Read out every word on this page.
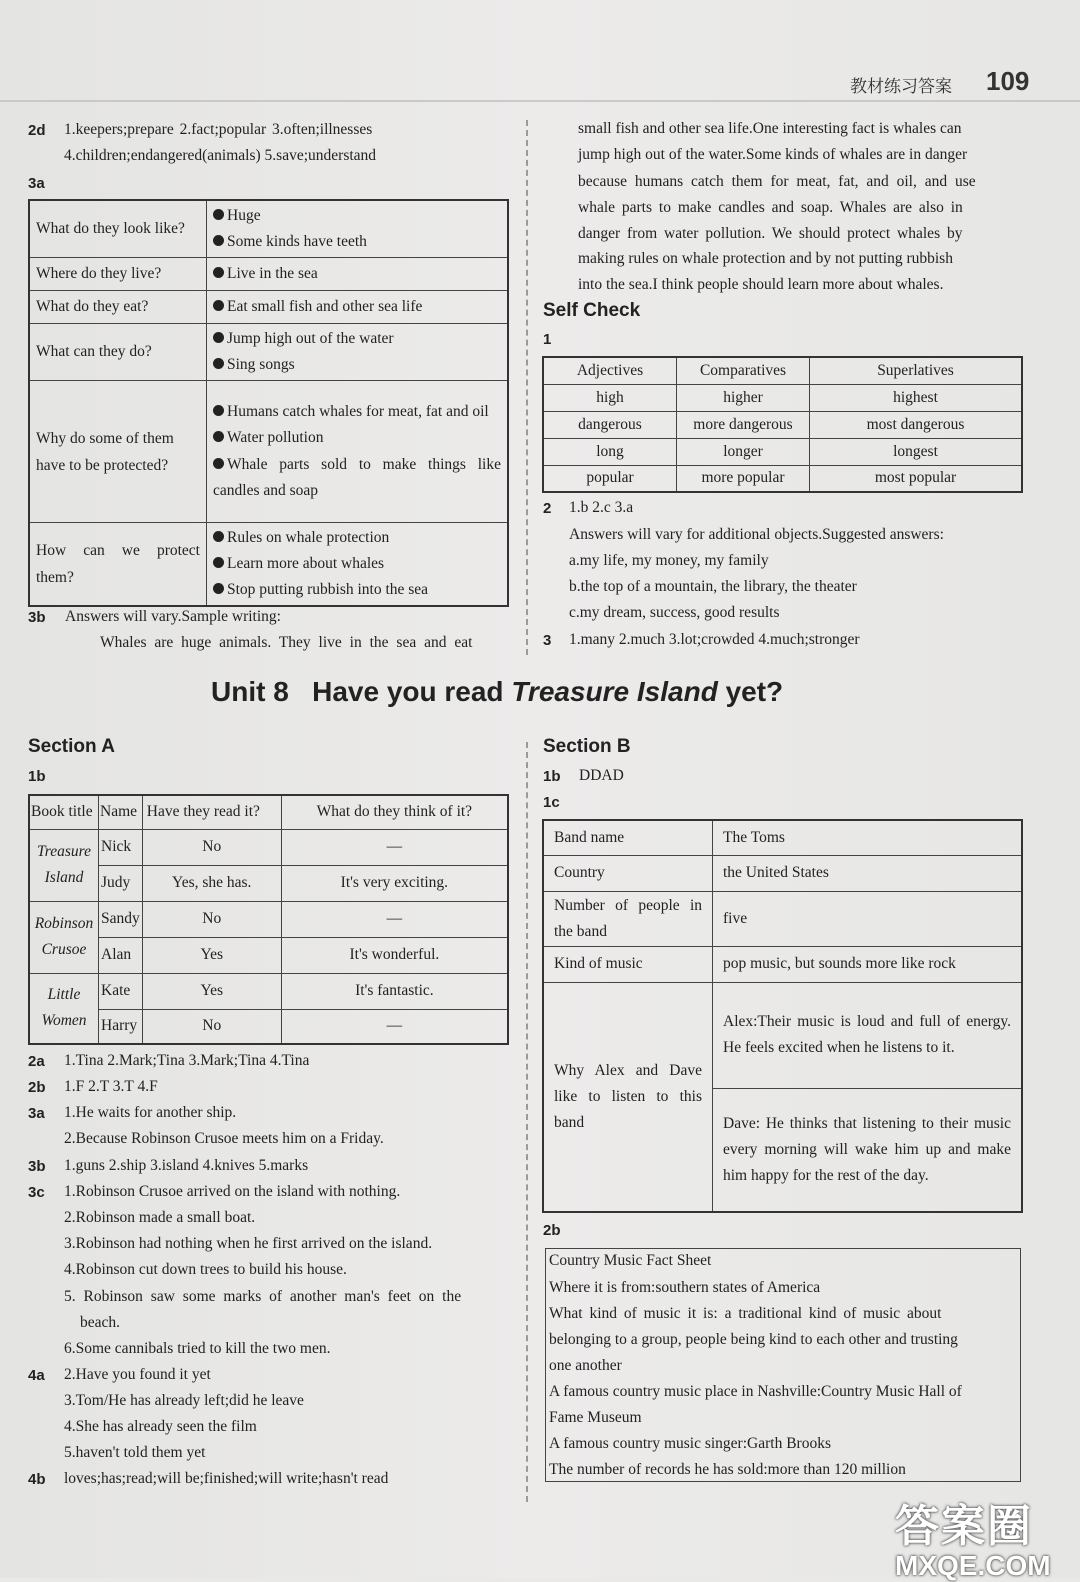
教材练习答案 109
2d 1.keepers;prepare 2.fact;popular 3.often;illnesses
4.children;endangered(animals) 5.save;understand
3a
What do they look like?	Huge
Some kinds have teeth

Where do they live?	Live in the sea
What do they eat?	Eat small fish and other sea life
What can they do?	Jump high out of the water
Sing songs

Why do some of them have to be protected?	Humans catch whales for meat, fat and oil
Water pollution
Whale parts sold to make things like candles and soap

How can we protect them?	Rules on whale protection
Learn more about whales
Stop putting rubbish into the sea
3b Answers will vary.Sample writing:
Whales are huge animals. They live in the sea and eat
small fish and other sea life.One interesting fact is whales can
jump high out of the water.Some kinds of whales are in danger
because humans catch them for meat, fat, and oil, and use
whale parts to make candles and soap. Whales are also in
danger from water pollution. We should protect whales by
making rules on whale protection and by not putting rubbish
into the sea.I think people should learn more about whales.
Self Check
1
Adjectives	Comparatives	Superlatives
high	higher	highest
dangerous	more dangerous	most dangerous
long	longer	longest
popular	more popular	most popular
2 1.b 2.c 3.a
Answers will vary for additional objects.Suggested answers:
a.my life, my money, my family
b.the top of a mountain, the library, the theater
c.my dream, success, good results
3 1.many 2.much 3.lot;crowded 4.much;stronger
Unit 8   Have you read Treasure Island yet?
Section A
1b
Book title	Name	Have they read it?	What do they think of it?
Treasure Island	Nick	No	—
	Judy	Yes, she has.	It's very exciting.
Robinson Crusoe	Sandy	No	—
	Alan	Yes	It's wonderful.
Little Women	Kate	Yes	It's fantastic.
	Harry	No	—
2a 1.Tina 2.Mark;Tina 3.Mark;Tina 4.Tina
2b 1.F 2.T 3.T 4.F
3a 1.He waits for another ship.
2.Because Robinson Crusoe meets him on a Friday.
3b 1.guns 2.ship 3.island 4.knives 5.marks
3c 1.Robinson Crusoe arrived on the island with nothing.
2.Robinson made a small boat.
3.Robinson had nothing when he first arrived on the island.
4.Robinson cut down trees to build his house.
5. Robinson saw some marks of another man's feet on the
beach.
6.Some cannibals tried to kill the two men.
4a 2.Have you found it yet
3.Tom/He has already left;did he leave
4.She has already seen the film
5.haven't told them yet
4b loves;has;read;will be;finished;will write;hasn't read
Section B
1b DDAD
1c
Band name	The Toms
Country	the United States
Number of people in the band	five
Kind of music	pop music, but sounds more like rock
Why Alex and Dave like to listen to this band	Alex:Their music is loud and full of energy. He feels excited when he listens to it.
	Dave: He thinks that listening to their music every morning will wake him up and make him happy for the rest of the day.
2b
Country Music Fact Sheet
Where it is from:southern states of America
What kind of music it is: a traditional kind of music about
belonging to a group, people being kind to each other and trusting
one another
A famous country music place in Nashville:Country Music Hall of
Fame Museum
A famous country music singer:Garth Brooks
The number of records he has sold:more than 120 million
答案圈
MXQE.COM
